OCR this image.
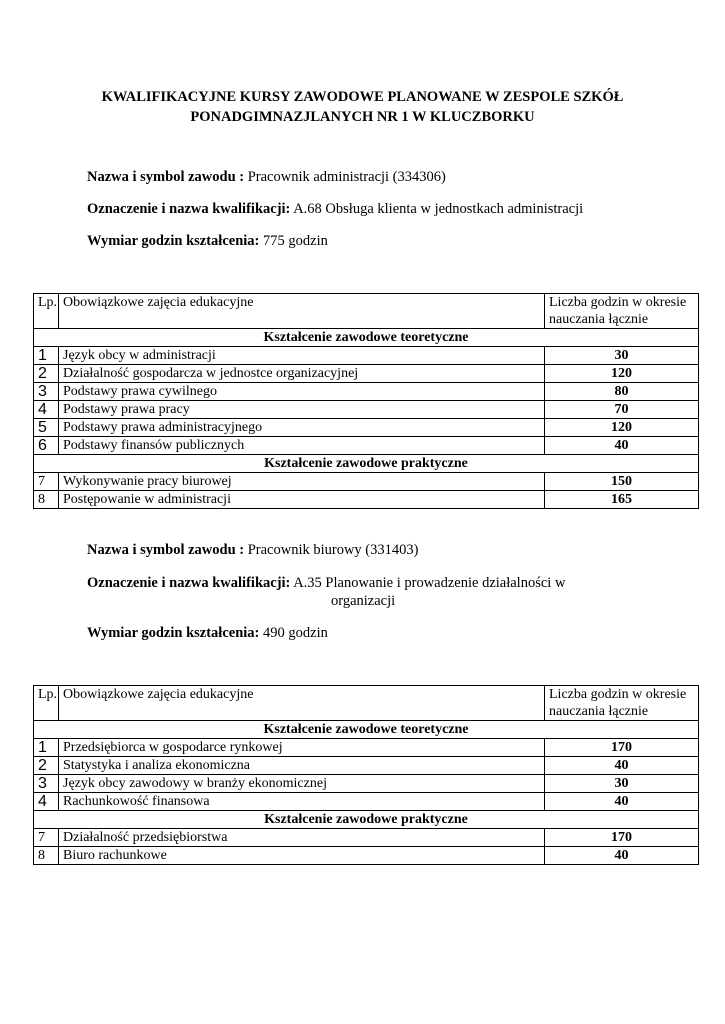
KWALIFIKACYJNE KURSY ZAWODOWE PLANOWANE W ZESPOLE SZKÓŁ
PONADGIMNAZJLANYCH NR 1 W KLUCZBORKU
Nazwa i symbol zawodu : Pracownik administracji (334306)
Oznaczenie i nazwa kwalifikacji: A.68 Obsługa klienta w jednostkach administracji
Wymiar godzin kształcenia: 775 godzin
Lp.	Obowiązkowe zajęcia edukacyjne	Liczba godzin w okresie nauczania łącznie
Kształcenie zawodowe teoretyczne		
1	Język obcy w administracji	30
2	Działalność gospodarcza w jednostce organizacyjnej	120
3	Podstawy prawa cywilnego	80
4	Podstawy prawa pracy	70
5	Podstawy prawa administracyjnego	120
6	Podstawy finansów publicznych	40
Kształcenie zawodowe praktyczne		
7	Wykonywanie pracy biurowej	150
8	Postępowanie w administracji	165
Nazwa i symbol zawodu : Pracownik biurowy (331403)
Oznaczenie i nazwa kwalifikacji: A.35 Planowanie i prowadzenie działalności w
organizacji
Wymiar godzin kształcenia: 490 godzin
Lp.	Obowiązkowe zajęcia edukacyjne	Liczba godzin w okresie nauczania łącznie
Kształcenie zawodowe teoretyczne		
1	Przedsiębiorca w gospodarce rynkowej	170
2	Statystyka i analiza ekonomiczna	40
3	Język obcy zawodowy w branży ekonomicznej	30
4	Rachunkowość finansowa	40
Kształcenie zawodowe praktyczne		
7	Działalność przedsiębiorstwa	170
8	Biuro rachunkowe	40
